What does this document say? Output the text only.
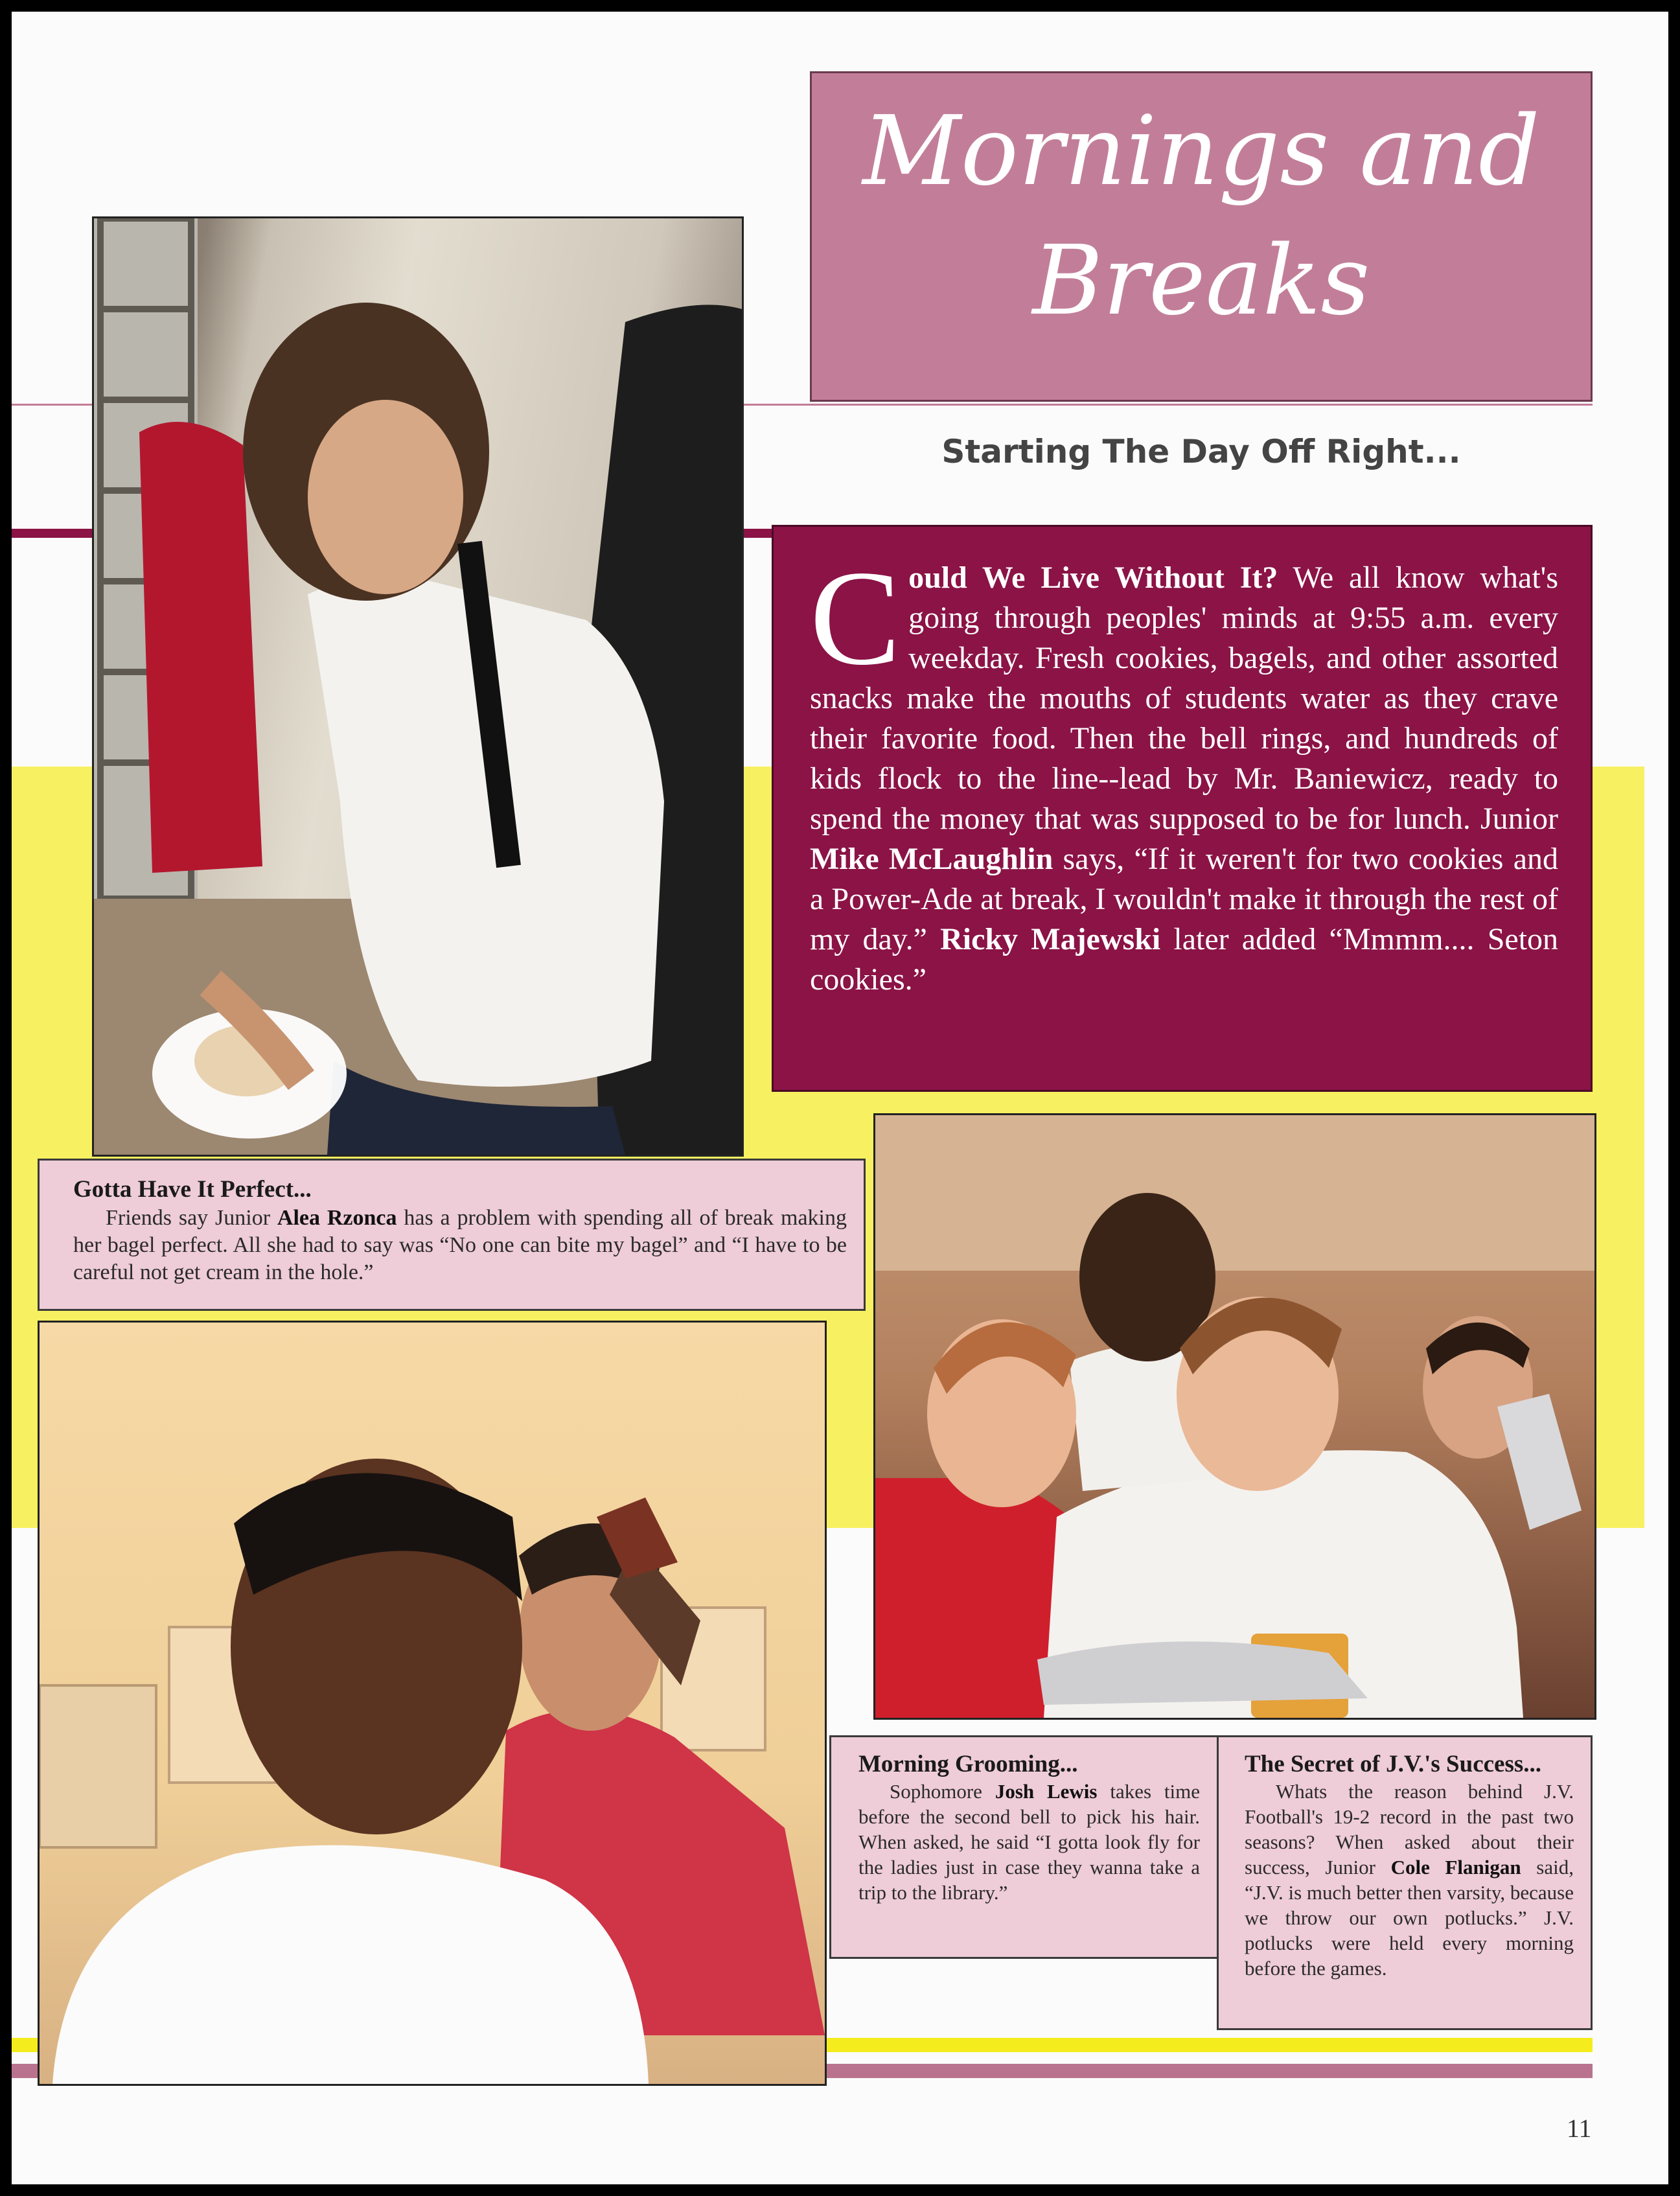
Mornings and
Breaks
Starting The Day Off Right...
Could We Live Without It? We all know what's going through peoples' minds at 9:55 a.m. every weekday. Fresh cookies, bagels, and other assorted snacks make the mouths of students water as they crave their favorite food. Then the bell rings, and hundreds of kids flock to the line--lead by Mr. Baniewicz, ready to spend the money that was supposed to be for lunch. Junior Mike McLaughlin says, “If it weren't for two cookies and a Power-Ade at break, I wouldn't make it through the rest of my day.” Ricky Majewski later added “Mmmm.... Seton cookies.”
Gotta Have It Perfect...
Friends say Junior Alea Rzonca has a problem with spending all of break making her bagel perfect. All she had to say was “No one can bite my bagel” and “I have to be careful not get cream in the hole.”
Morning Grooming...
Sophomore Josh Lewis takes time before the second bell to pick his hair. When asked, he said “I gotta look fly for the ladies just in case they wanna take a trip to the library.”
The Secret of J.V.'s Success...
Whats the reason behind J.V. Football's 19-2 record in the past two seasons? When asked about their success, Junior Cole Flanigan said, “J.V. is much better then varsity, because we throw our own potlucks.” J.V. potlucks were held every morning before the games.
11
